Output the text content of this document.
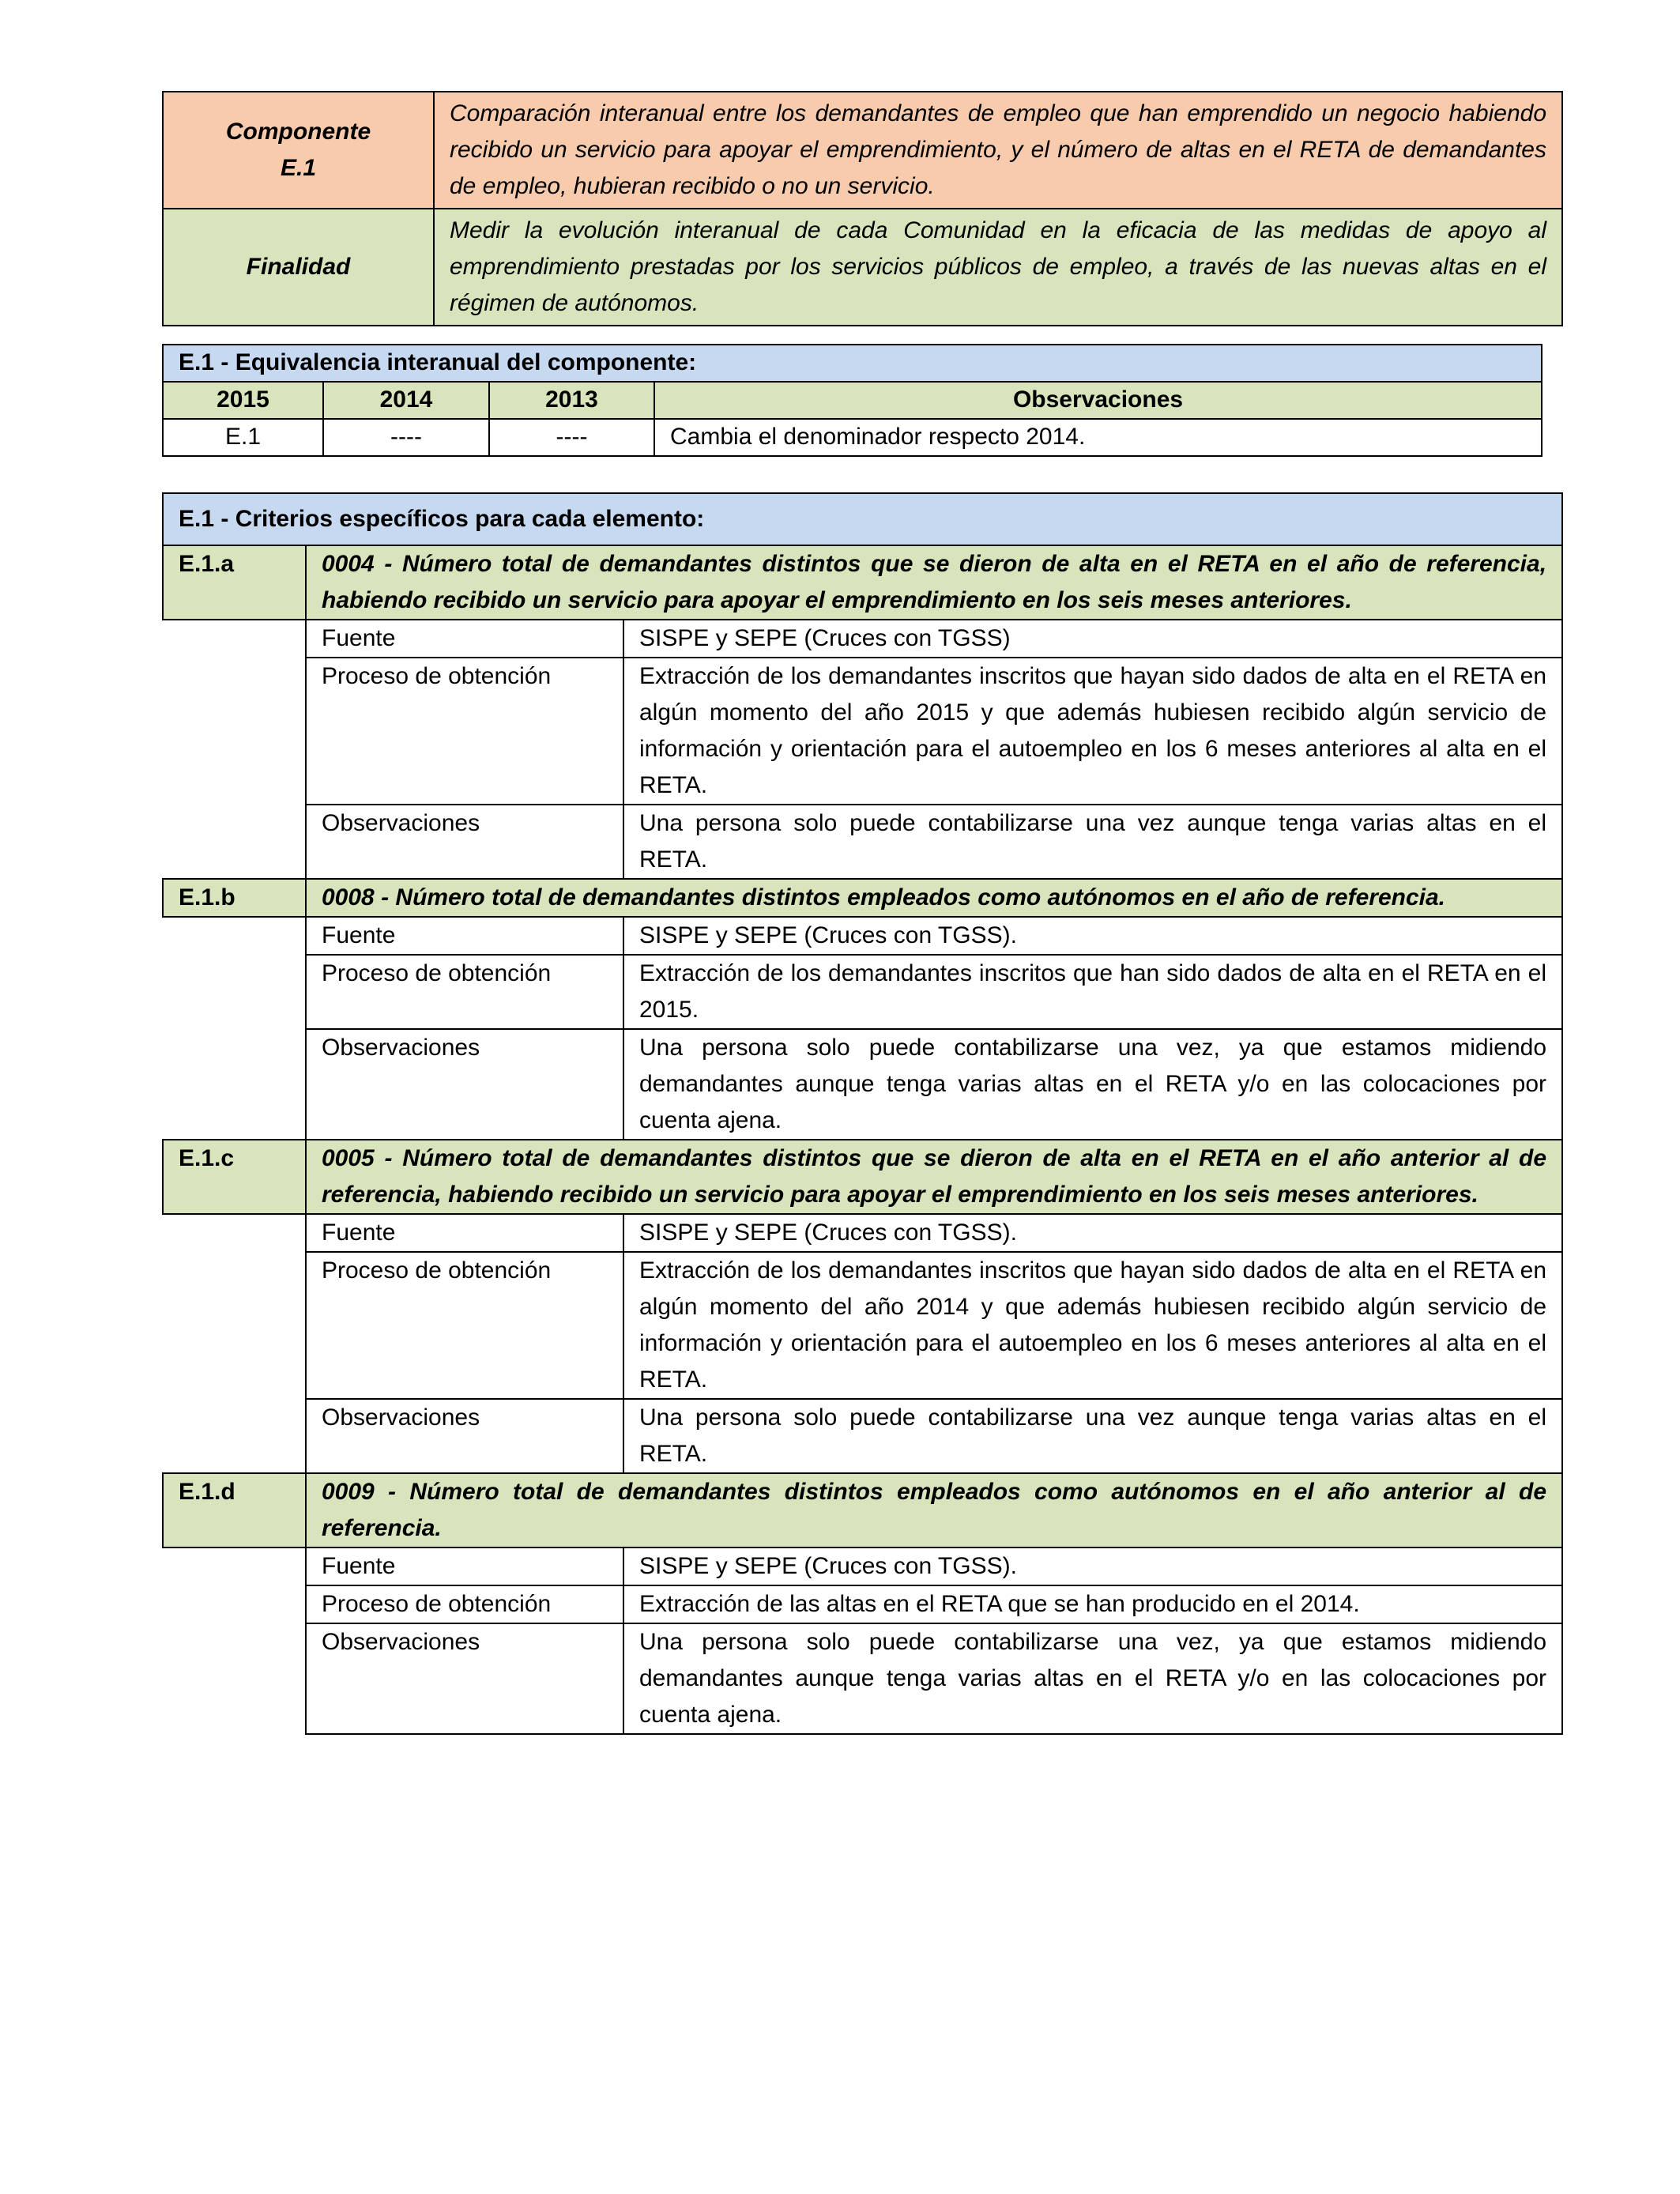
Componente
E.1	Comparación interanual entre los demandantes de empleo que han emprendido un negocio habiendo recibido un servicio para apoyar el emprendimiento, y el número de altas en el RETA de demandantes de empleo, hubieran recibido o no un servicio.
Finalidad	Medir la evolución interanual de cada Comunidad en la eficacia de las medidas de apoyo al emprendimiento prestadas por los servicios públicos de empleo, a través de las nuevas altas en el régimen de autónomos.
E.1 - Equivalencia interanual del componente:			
2015	2014	2013	Observaciones
E.1	----	----	Cambia el denominador respecto 2014.
E.1 - Criterios específicos para cada elemento:		
E.1.a	0004 - Número total de demandantes distintos que se dieron de alta en el RETA en el año de referencia, habiendo recibido un servicio para apoyar el emprendimiento en los seis meses anteriores.	
	Fuente	SISPE y SEPE (Cruces con TGSS)
	Proceso de obtención	Extracción de los demandantes inscritos que hayan sido dados de alta en el RETA en algún momento del año 2015 y que además hubiesen recibido algún servicio de información y orientación para el autoempleo en los 6 meses anteriores al alta en el RETA.
	Observaciones	Una persona solo puede contabilizarse una vez aunque tenga varias altas en el RETA.
E.1.b	0008 - Número total de demandantes distintos empleados como autónomos en el año de referencia.	
	Fuente	SISPE y SEPE (Cruces con TGSS).
	Proceso de obtención	Extracción de los demandantes inscritos que han sido dados de alta en el RETA en el 2015.
	Observaciones	Una persona solo puede contabilizarse una vez, ya que estamos midiendo demandantes aunque tenga varias altas en el RETA y/o en las colocaciones por cuenta ajena.
E.1.c	0005 - Número total de demandantes distintos que se dieron de alta en el RETA en el año anterior al de referencia, habiendo recibido un servicio para apoyar el emprendimiento en los seis meses anteriores.	
	Fuente	SISPE y SEPE (Cruces con TGSS).
	Proceso de obtención	Extracción de los demandantes inscritos que hayan sido dados de alta en el RETA en algún momento del año 2014 y que además hubiesen recibido algún servicio de información y orientación para el autoempleo en los 6 meses anteriores al alta en el RETA.
	Observaciones	Una persona solo puede contabilizarse una vez aunque tenga varias altas en el RETA.
E.1.d	0009 - Número total de demandantes distintos empleados como autónomos en el año anterior al de referencia.	
	Fuente	SISPE y SEPE (Cruces con TGSS).
	Proceso de obtención	Extracción de las altas en el RETA que se han producido en el 2014.
	Observaciones	Una persona solo puede contabilizarse una vez, ya que estamos midiendo demandantes aunque tenga varias altas en el RETA y/o en las colocaciones por cuenta ajena.
